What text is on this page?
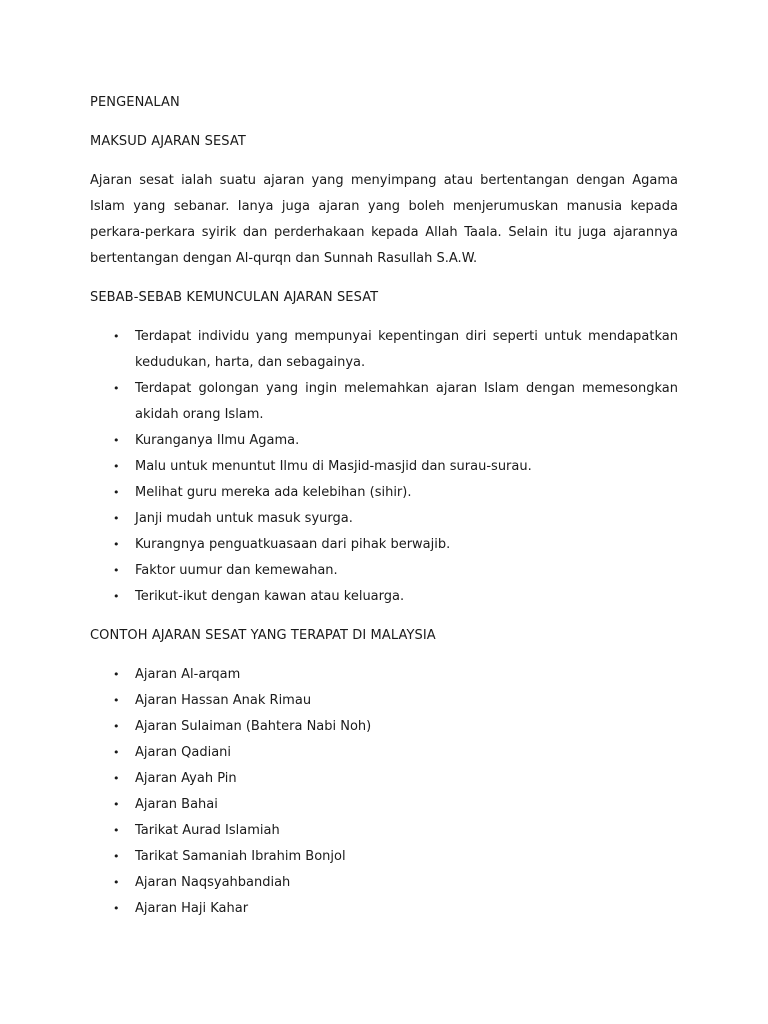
PENGENALAN

MAKSUD AJARAN SESAT

Ajaran sesat ialah suatu ajaran yang menyimpang atau bertentangan dengan Agama Islam yang sebanar. Ianya juga ajaran yang boleh menjerumuskan manusia kepada perkara-perkara syirik dan perderhakaan kepada Allah Taala. Selain itu juga ajarannya bertentangan dengan Al-qurqn dan Sunnah Rasullah S.A.W.

SEBAB-SEBAB KEMUNCULAN AJARAN SESAT

• Terdapat individu yang mempunyai kepentingan diri seperti untuk mendapatkan kedudukan, harta, dan sebagainya.
• Terdapat golongan yang ingin melemahkan ajaran Islam dengan memesongkan akidah orang Islam.
• Kuranganya Ilmu Agama.
• Malu untuk menuntut Ilmu di Masjid-masjid dan surau-surau.
• Melihat guru mereka ada kelebihan (sihir).
• Janji mudah untuk masuk syurga.
• Kurangnya penguatkuasaan dari pihak berwajib.
• Faktor uumur dan kemewahan.
• Terikut-ikut dengan kawan atau keluarga.

CONTOH AJARAN SESAT YANG TERAPAT DI MALAYSIA

• Ajaran Al-arqam
• Ajaran Hassan Anak Rimau
• Ajaran Sulaiman (Bahtera Nabi Noh)
• Ajaran Qadiani
• Ajaran Ayah Pin
• Ajaran Bahai
• Tarikat Aurad Islamiah
• Tarikat Samaniah Ibrahim Bonjol
• Ajaran Naqsyahbandiah
• Ajaran Haji Kahar
